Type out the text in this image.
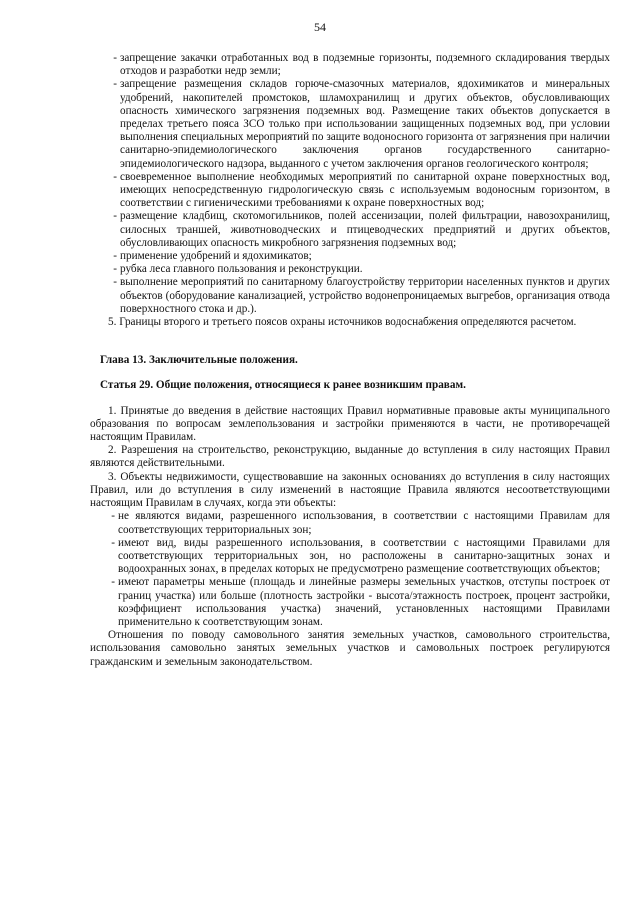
54
- запрещение закачки отработанных вод в подземные горизонты, подземного складирования твердых отходов и разработки недр земли;
- запрещение размещения складов горюче-смазочных материалов, ядохимикатов и минеральных удобрений, накопителей промстоков, шламохранилищ и других объектов, обусловливающих опасность химического загрязнения подземных вод. Размещение таких объектов допускается в пределах третьего пояса ЗСО только при использовании защищенных подземных вод, при условии выполнения специальных мероприятий по защите водоносного горизонта от загрязнения при наличии санитарно-эпидемиологического заключения органов государственного санитарно-эпидемиологического надзора, выданного с учетом заключения органов геологического контроля;
- своевременное выполнение необходимых мероприятий по санитарной охране поверхностных вод, имеющих непосредственную гидрологическую связь с используемым водоносным горизонтом, в соответствии с гигиеническими требованиями к охране поверхностных вод;
- размещение кладбищ, скотомогильников, полей ассенизации, полей фильтрации, навозохранилищ, силосных траншей, животноводческих и птицеводческих предприятий и других объектов, обусловливающих опасность микробного загрязнения подземных вод;
- применение удобрений и ядохимикатов;
- рубка леса главного пользования и реконструкции.
- выполнение мероприятий по санитарному благоустройству территории населенных пунктов и других объектов (оборудование канализацией, устройство водонепроницаемых выгребов, организация отвода поверхностного стока и др.).
5. Границы второго и третьего поясов охраны источников водоснабжения определяются расчетом.
Глава 13. Заключительные положения.
Статья 29. Общие положения, относящиеся к ранее возникшим правам.
1. Принятые до введения в действие настоящих Правил нормативные правовые акты муниципального образования по вопросам землепользования и застройки применяются в части, не противоречащей настоящим Правилам.
2. Разрешения на строительство, реконструкцию, выданные до вступления в силу настоящих Правил являются действительными.
3. Объекты недвижимости, существовавшие на законных основаниях до вступления в силу настоящих Правил, или до вступления в силу изменений в настоящие Правила являются несоответствующими настоящим Правилам в случаях, когда эти объекты:
- не являются видами, разрешенного использования, в соответствии с настоящими Правилам для соответствующих территориальных зон;
- имеют вид, виды разрешенного использования, в соответствии с настоящими Правилами для соответствующих территориальных зон, но расположены в санитарно-защитных зонах и водоохранных зонах, в пределах которых не предусмотрено размещение соответствующих объектов;
- имеют параметры меньше (площадь и линейные размеры земельных участков, отступы построек от границ участка) или больше (плотность застройки - высота/этажность построек, процент застройки, коэффициент использования участка) значений, установленных настоящими Правилами применительно к соответствующим зонам.
Отношения по поводу самовольного занятия земельных участков, самовольного строительства, использования самовольно занятых земельных участков и самовольных построек регулируются гражданским и земельным законодательством.
